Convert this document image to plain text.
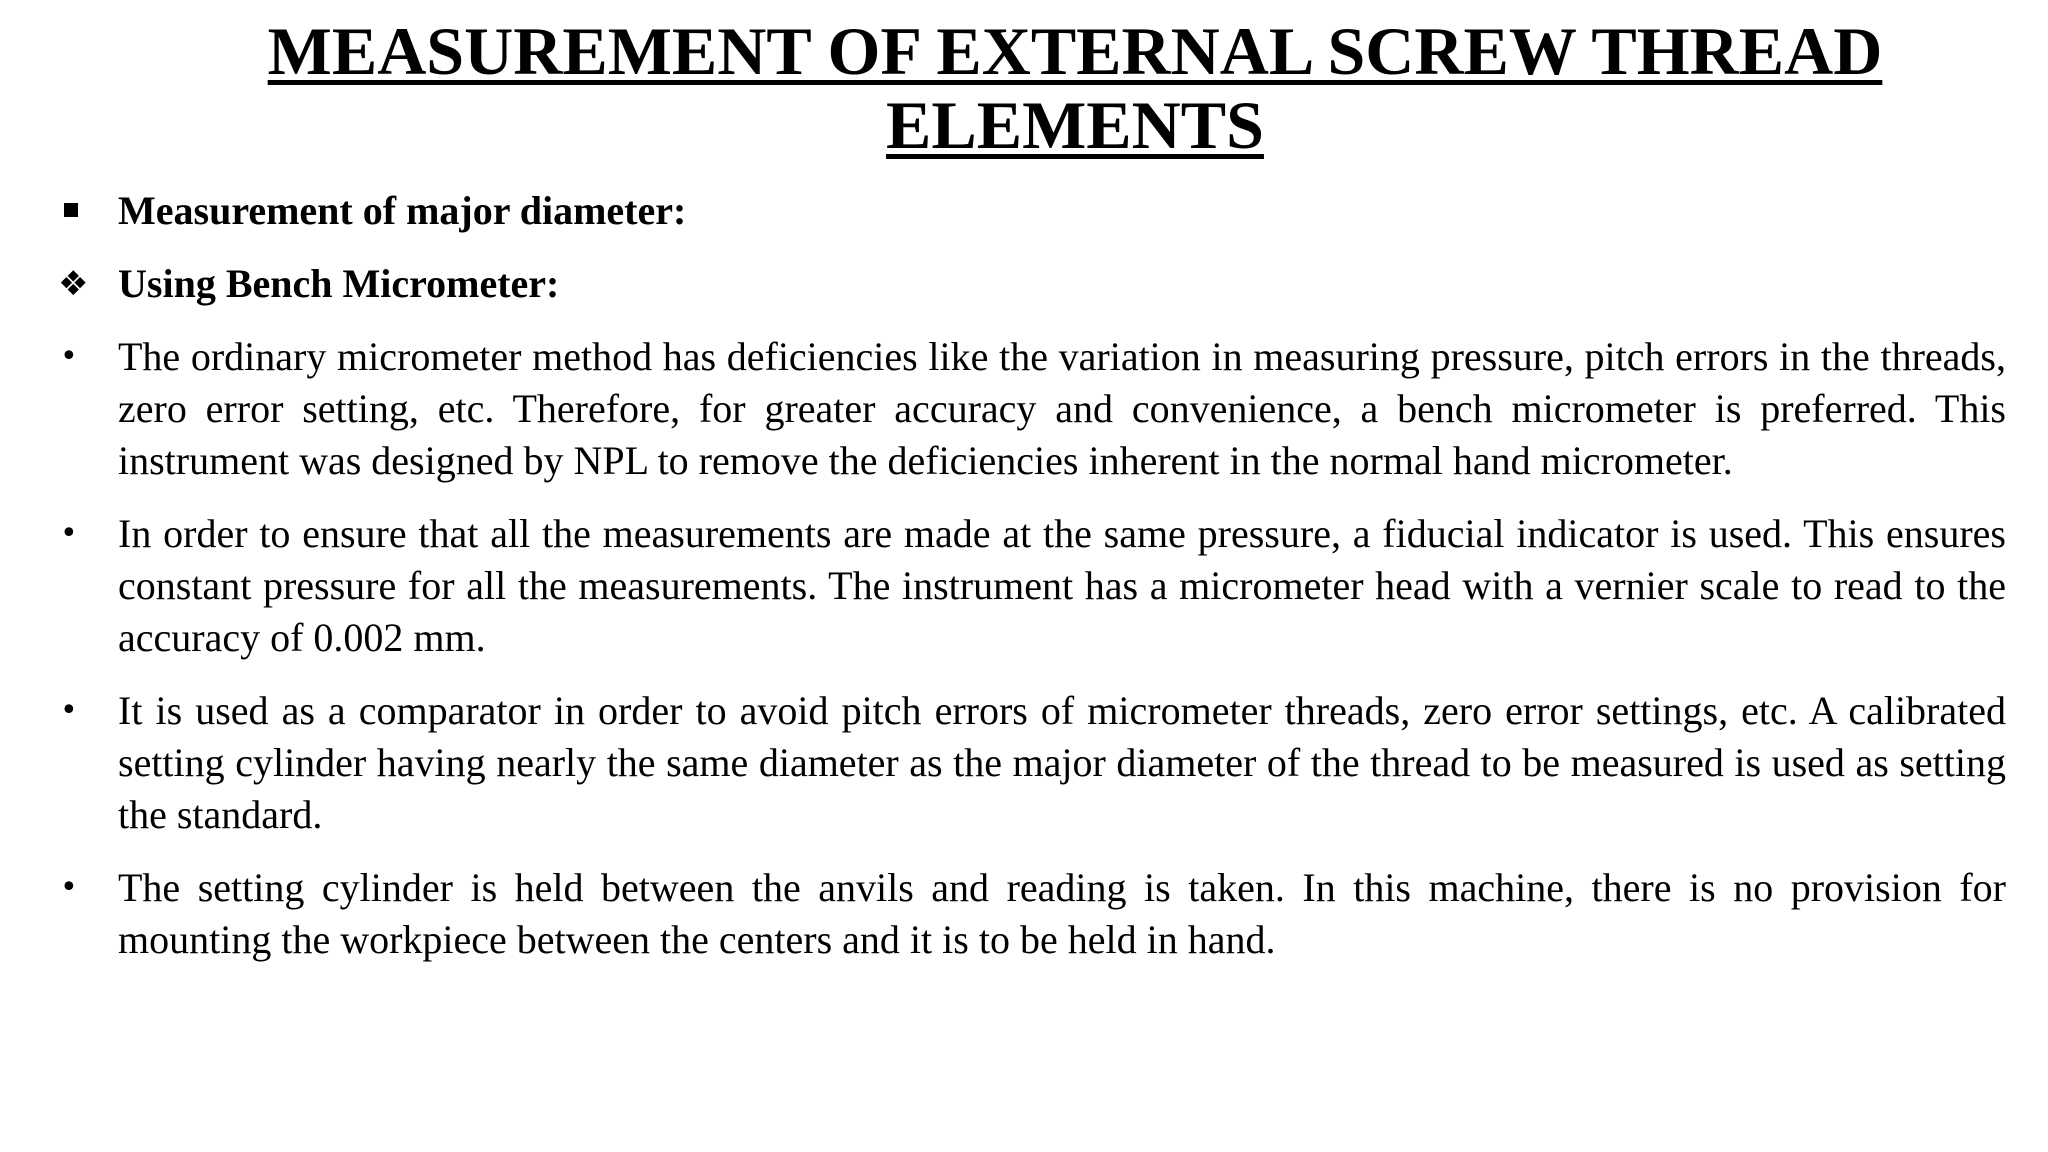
MEASUREMENT OF EXTERNAL SCREW THREAD ELEMENTS
Measurement of major diameter:
❖ Using Bench Micrometer:
•	The ordinary micrometer method has deficiencies like the variation in measuring pressure, pitch errors in the threads, zero error setting, etc. Therefore, for greater accuracy and convenience, a bench micrometer is preferred. This instrument was designed by NPL to remove the deficiencies inherent in the normal hand micrometer.
•	In order to ensure that all the measurements are made at the same pressure, a fiducial indicator is used. This ensures constant pressure for all the measurements. The instrument has a micrometer head with a vernier scale to read to the accuracy of 0.002 mm.
•	It is used as a comparator in order to avoid pitch errors of micrometer threads, zero error settings, etc. A calibrated setting cylinder having nearly the same diameter as the major diameter of the thread to be measured is used as setting the standard.
•	The setting cylinder is held between the anvils and reading is taken. In this machine, there is no provision for mounting the workpiece between the centers and it is to be held in hand.
